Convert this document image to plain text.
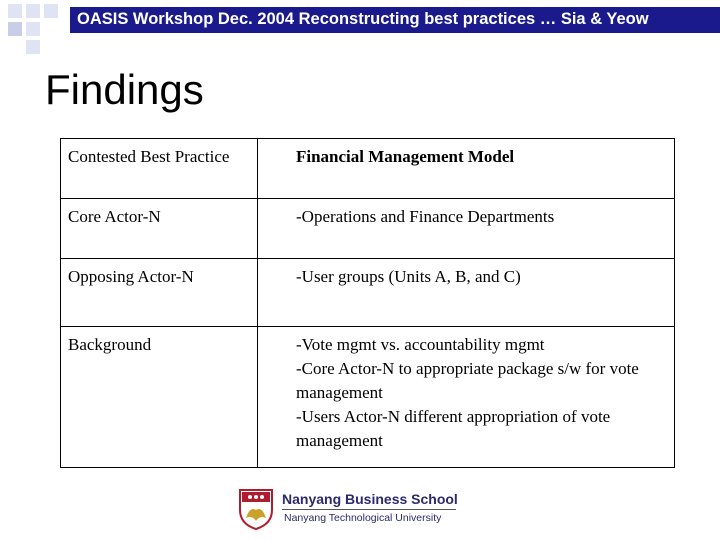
OASIS Workshop Dec. 2004 Reconstructing best practices … Sia & Yeow
Findings
Contested Best Practice	Financial Management Model
Core Actor-N	-Operations and Finance Departments
Opposing Actor-N	-User groups (Units A, B, and C)
Background	-Vote mgmt vs. accountability mgmt
-Core Actor-N to appropriate package s/w for vote management
-Users Actor-N different appropriation of vote management
Nanyang Business School
Nanyang Technological University
